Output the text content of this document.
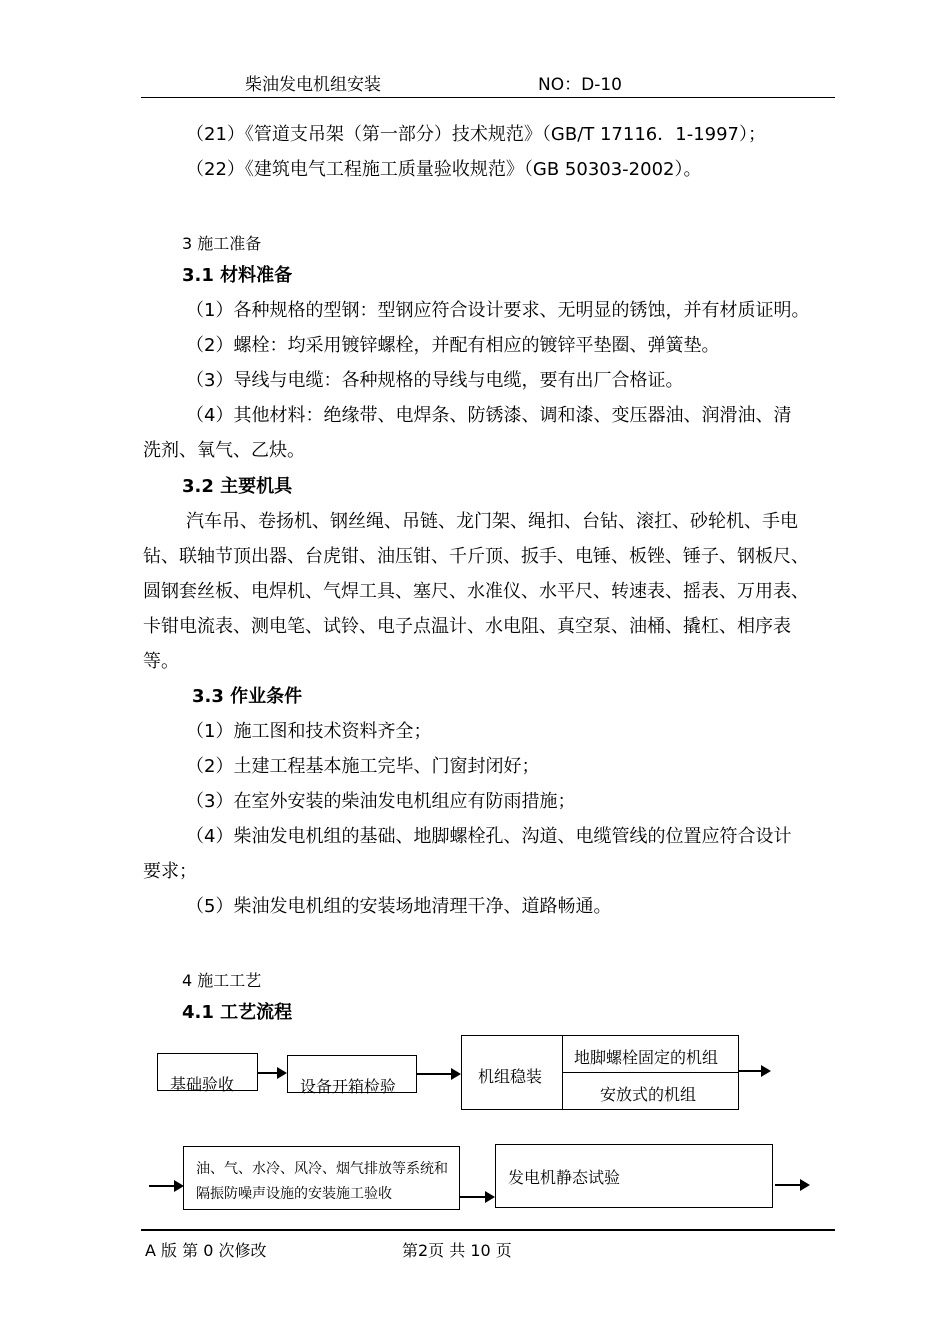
柴油发电机组安装	NO：D-10
（21）《管道支吊架（第一部分）技术规范》（GB/T 17116．1-1997）；
（22）《建筑电气工程施工质量验收规范》（GB 50303-2002）。
3 施工准备
3.1 材料准备
（1）各种规格的型钢：型钢应符合设计要求、无明显的锈蚀，并有材质证明。
（2）螺栓：均采用镀锌螺栓，并配有相应的镀锌平垫圈、弹簧垫。
（3）导线与电缆：各种规格的导线与电缆，要有出厂合格证。
（4）其他材料：绝缘带、电焊条、防锈漆、调和漆、变压器油、润滑油、清
洗剂、氧气、乙炔。
3.2 主要机具
汽车吊、卷扬机、钢丝绳、吊链、龙门架、绳扣、台钻、滚扛、砂轮机、手电
钻、联轴节顶出器、台虎钳、油压钳、千斤顶、扳手、电锤、板锉、锤子、钢板尺、
圆钢套丝板、电焊机、气焊工具、塞尺、水准仪、水平尺、转速表、摇表、万用表、
卡钳电流表、测电笔、试铃、电子点温计、水电阻、真空泵、油桶、撬杠、相序表
等。
3.3 作业条件
（1）施工图和技术资料齐全；
（2）土建工程基本施工完毕、门窗封闭好；
（3）在室外安装的柴油发电机组应有防雨措施；
（4）柴油发电机组的基础、地脚螺栓孔、沟道、电缆管线的位置应符合设计
要求；
（5）柴油发电机组的安装场地清理干净、道路畅通。
4 施工工艺
4.1 工艺流程
基础验收	设备开箱检验
机组稳装
地脚螺栓固定的机组
安放式的机组
油、气、水冷、风冷、烟气排放等系统和
隔振防噪声设施的安装施工验收
发电机静态试验
A 版 第 0 次修改	第2页 共 10 页
